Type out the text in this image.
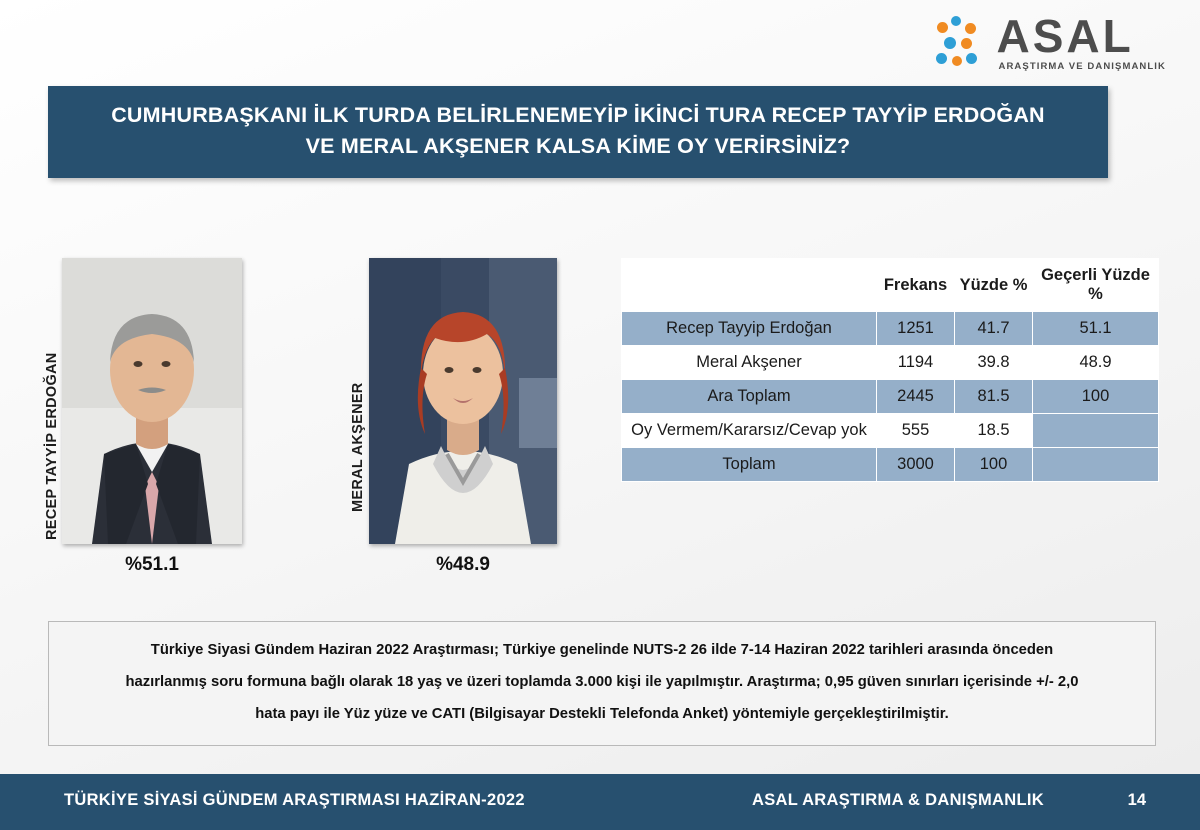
ASAL
ARAŞTIRMA VE DANIŞMANLIK
CUMHURBAŞKANI İLK TURDA BELİRLENEMEYİP İKİNCİ TURA RECEP TAYYİP ERDOĞAN
VE MERAL AKŞENER KALSA KİME OY VERİRSİNİZ?
RECEP TAYYİP ERDOĞAN
%51.1
MERAL AKŞENER
%48.9
	Frekans	Yüzde %	Geçerli Yüzde %
Recep Tayyip Erdoğan	1251	41.7	51.1
Meral Akşener	1194	39.8	48.9
Ara Toplam	2445	81.5	100
Oy Vermem/Kararsız/Cevap yok	555	18.5	
Toplam	3000	100	

Türkiye Siyasi Gündem Haziran 2022 Araştırması; Türkiye genelinde NUTS-2 26 ilde 7-14 Haziran 2022 tarihleri arasında önceden

hazırlanmış soru formuna bağlı olarak 18 yaş ve üzeri toplamda 3.000 kişi ile yapılmıştır. Araştırma; 0,95 güven sınırları içerisinde +/- 2,0

hata payı ile Yüz yüze ve CATI (Bilgisayar Destekli Telefonda Anket) yöntemiyle gerçekleştirilmiştir.

TÜRKİYE SİYASİ GÜNDEM ARAŞTIRMASI HAZİRAN-2022	ASAL ARAŞTIRMA & DANIŞMANLIK	14
